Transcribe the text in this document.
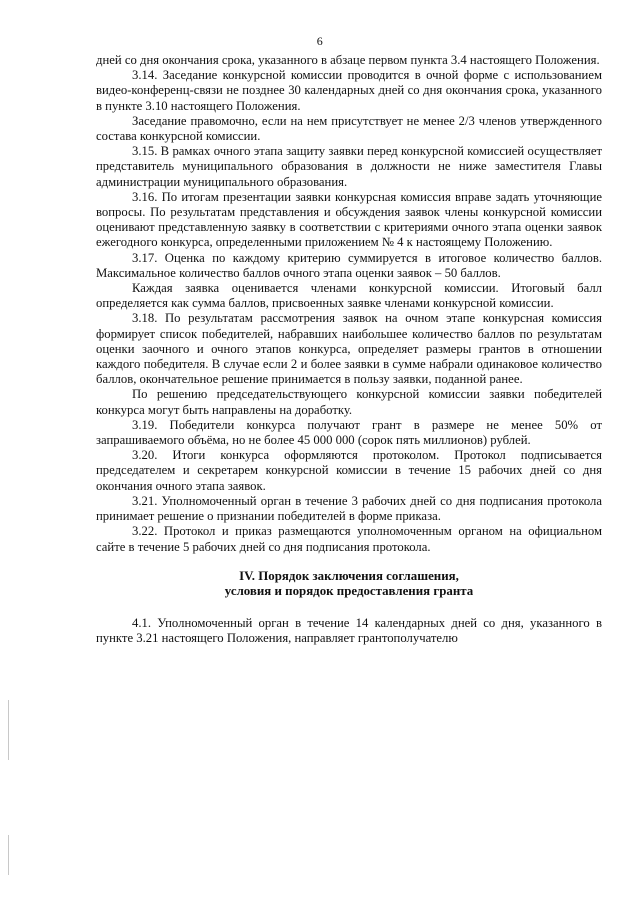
6

дней со дня окончания срока, указанного в абзаце первом пункта 3.4 настоящего Положения.

3.14. Заседание конкурсной комиссии проводится в очной форме с использованием видео-конференц-связи не позднее 30 календарных дней со дня окончания срока, указанного в пункте 3.10 настоящего Положения.

Заседание правомочно, если на нем присутствует не менее 2/3 членов утвержденного состава конкурсной комиссии.

3.15. В рамках очного этапа защиту заявки перед конкурсной комиссией осуществляет представитель муниципального образования в должности не ниже заместителя Главы администрации муниципального образования.

3.16. По итогам презентации заявки конкурсная комиссия вправе задать уточняющие вопросы. По результатам представления и обсуждения заявок члены конкурсной комиссии оценивают представленную заявку в соответствии с критериями очного этапа оценки заявок ежегодного конкурса, определенными приложением № 4 к настоящему Положению.

3.17. Оценка по каждому критерию суммируется в итоговое количество баллов. Максимальное количество баллов очного этапа оценки заявок – 50 баллов.

Каждая заявка оценивается членами конкурсной комиссии. Итоговый балл определяется как сумма баллов, присвоенных заявке членами конкурсной комиссии.

3.18. По результатам рассмотрения заявок на очном этапе конкурсная комиссия формирует список победителей, набравших наибольшее количество баллов по результатам оценки заочного и очного этапов конкурса, определяет размеры грантов в отношении каждого победителя. В случае если 2 и более заявки в сумме набрали одинаковое количество баллов, окончательное решение принимается в пользу заявки, поданной ранее.

По решению председательствующего конкурсной комиссии заявки победителей конкурса могут быть направлены на доработку.

3.19. Победители конкурса получают грант в размере не менее 50% от запрашиваемого объёма, но не более 45 000 000 (сорок пять миллионов) рублей.

3.20. Итоги конкурса оформляются протоколом. Протокол подписывается председателем и секретарем конкурсной комиссии в течение 15 рабочих дней со дня окончания очного этапа заявок.

3.21. Уполномоченный орган в течение 3 рабочих дней со дня подписания протокола принимает решение о признании победителей в форме приказа.

3.22. Протокол и приказ размещаются уполномоченным органом на официальном сайте в течение 5 рабочих дней со дня подписания протокола.

IV. Порядок заключения соглашения,
условия и порядок предоставления гранта

4.1. Уполномоченный орган в течение 14 календарных дней со дня, указанного в пункте 3.21 настоящего Положения, направляет грантополучателю
